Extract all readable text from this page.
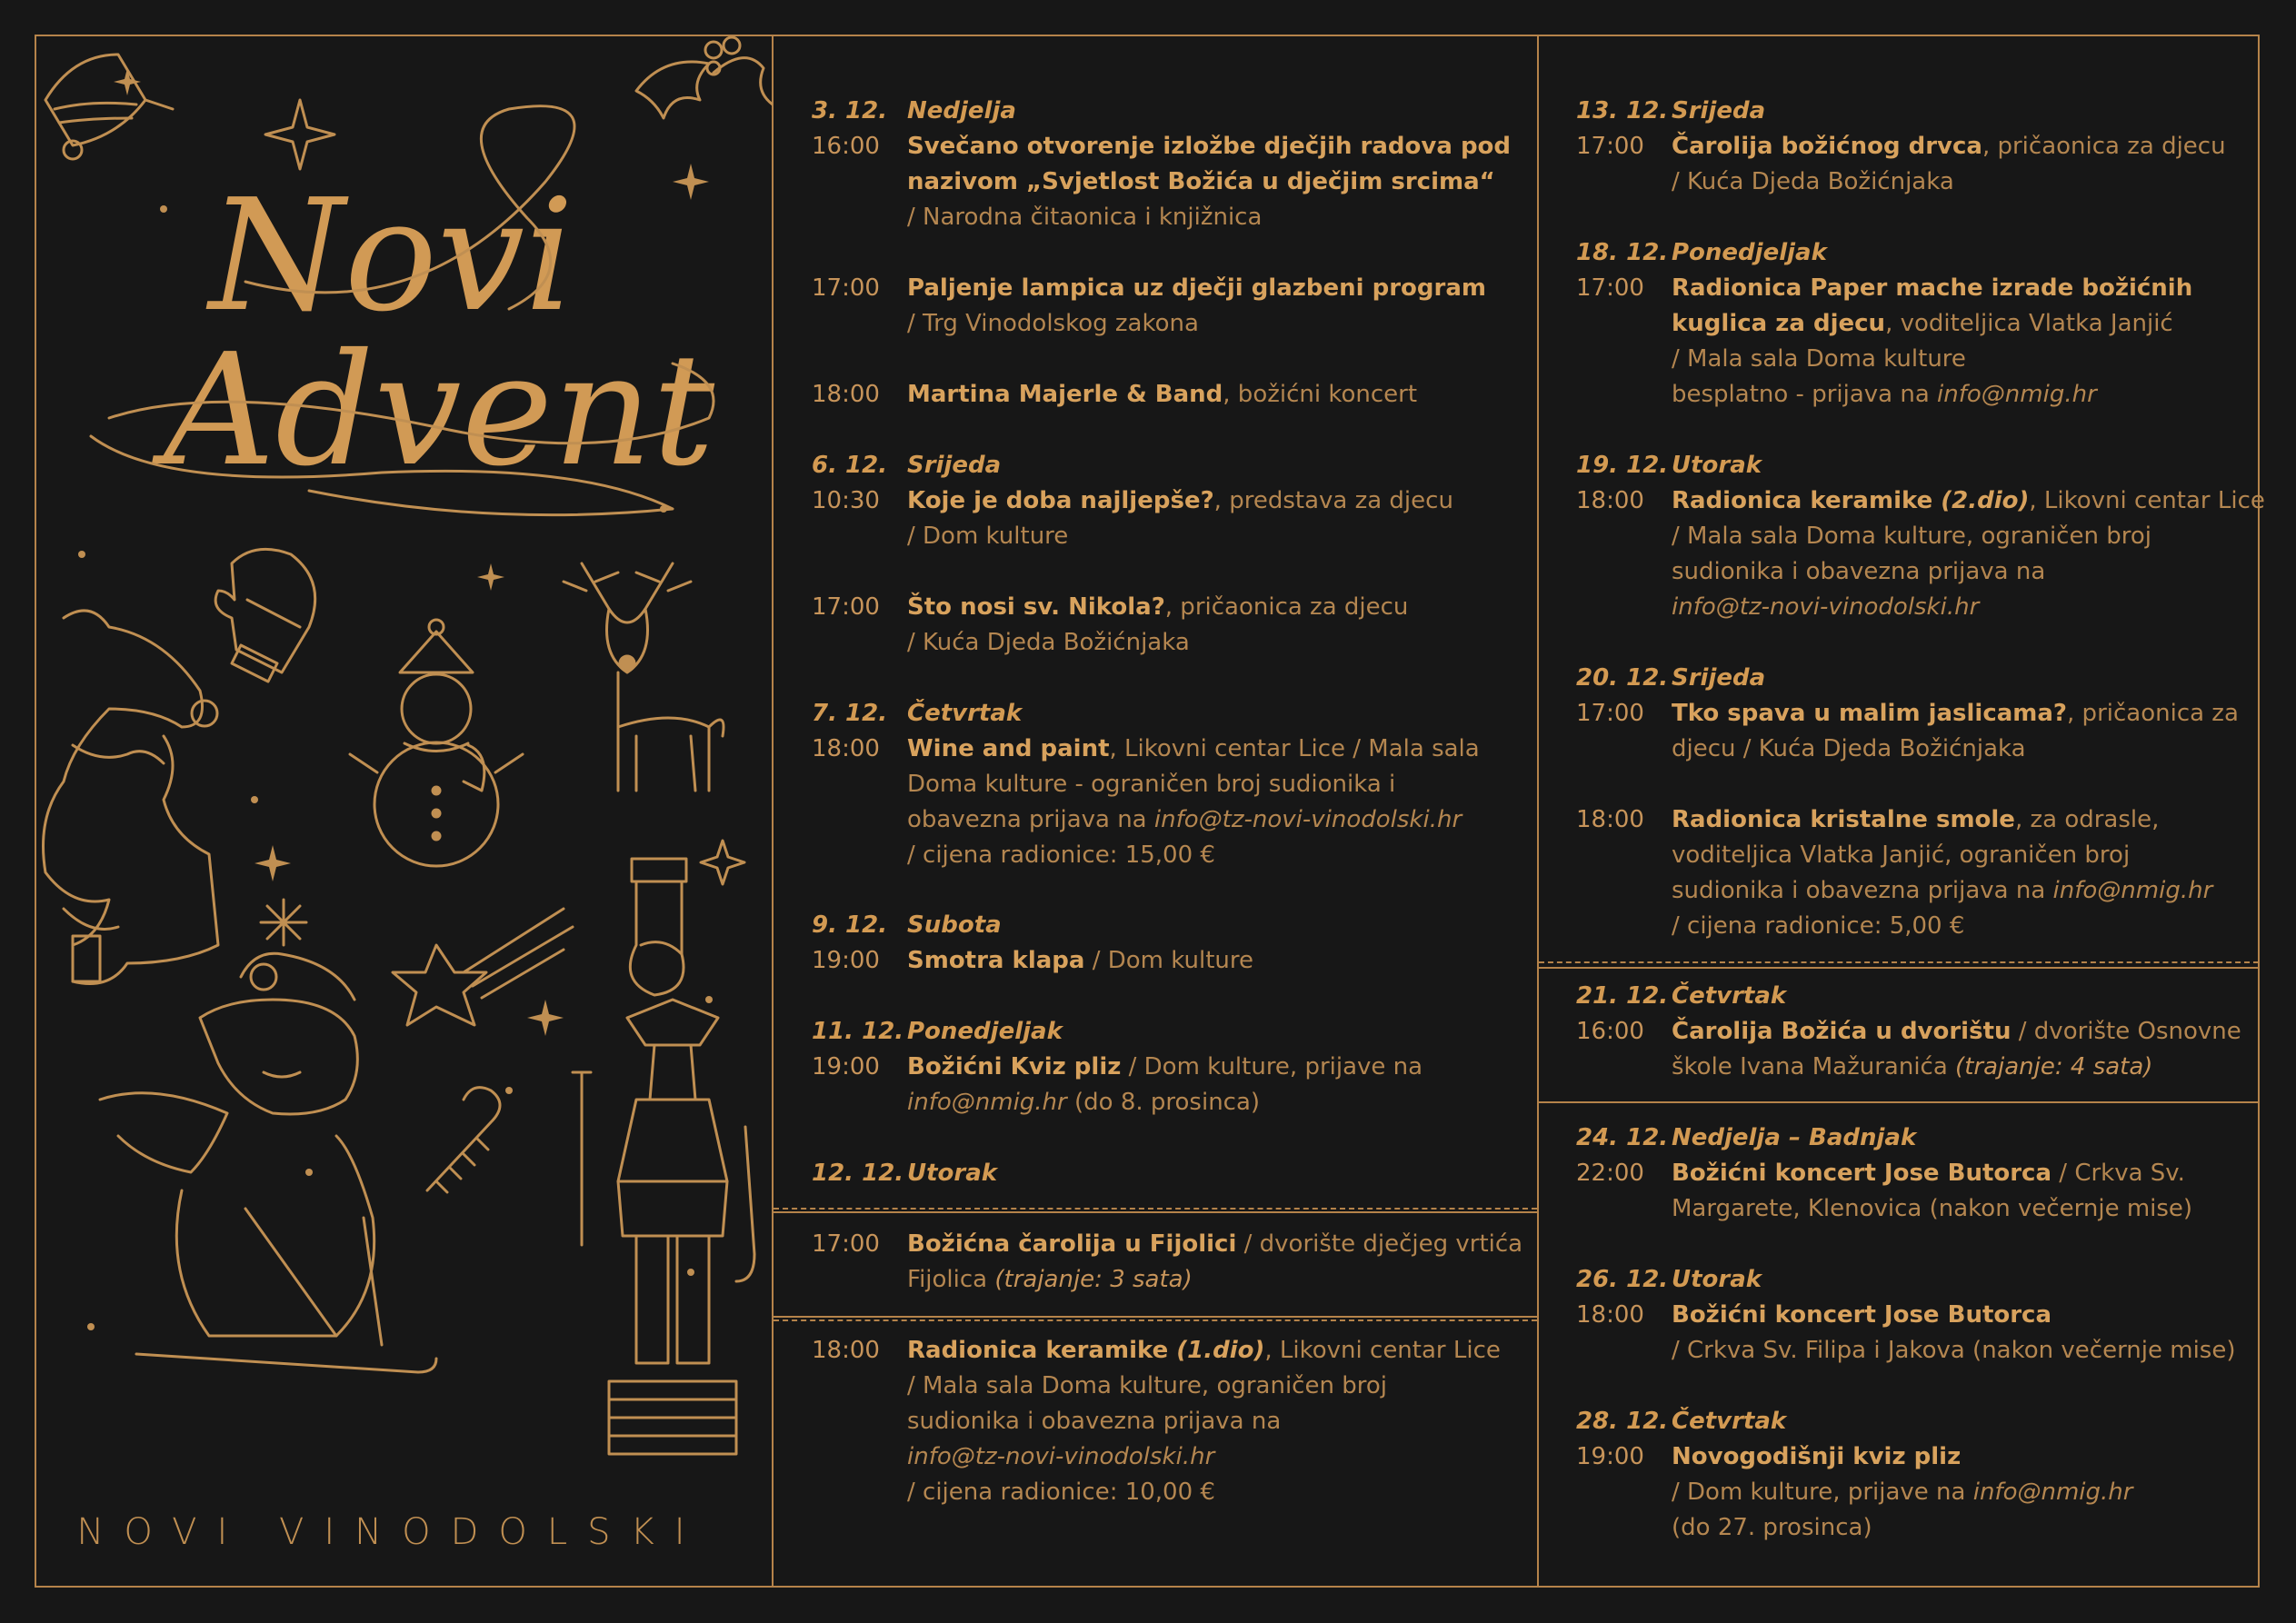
Novi
Advent
NOVI VINODOLSKI
3. 12. Nedjelja
16:00 Svečano otvorenje izložbe dječjih radova pod
nazivom „Svjetlost Božića u dječjim srcima“
/ Narodna čitaonica i knjižnica
17:00 Paljenje lampica uz dječji glazbeni program
/ Trg Vinodolskog zakona
18:00 Martina Majerle & Band, božićni koncert
6. 12. Srijeda
10:30 Koje je doba najljepše?, predstava za djecu
/ Dom kulture
17:00 Što nosi sv. Nikola?, pričaonica za djecu
/ Kuća Djeda Božićnjaka
7. 12. Četvrtak
18:00 Wine and paint, Likovni centar Lice / Mala sala
Doma kulture - ograničen broj sudionika i
obavezna prijava na info@tz-novi-vinodolski.hr
/ cijena radionice: 15,00 €
9. 12. Subota
19:00 Smotra klapa / Dom kulture
11. 12. Ponedjeljak
19:00 Božićni Kviz pliz / Dom kulture, prijave na
info@nmig.hr (do 8. prosinca)
12. 12. Utorak
17:00 Božićna čarolija u Fijolici / dvorište dječjeg vrtića
Fijolica (trajanje: 3 sata)
18:00 Radionica keramike (1.dio), Likovni centar Lice
/ Mala sala Doma kulture, ograničen broj
sudionika i obavezna prijava na
info@tz-novi-vinodolski.hr
/ cijena radionice: 10,00 €
13. 12. Srijeda
17:00 Čarolija božićnog drvca, pričaonica za djecu
/ Kuća Djeda Božićnjaka
18. 12. Ponedjeljak
17:00 Radionica Paper mache izrade božićnih
kuglica za djecu, voditeljica Vlatka Janjić
/ Mala sala Doma kulture
besplatno - prijava na info@nmig.hr
19. 12. Utorak
18:00 Radionica keramike (2.dio), Likovni centar Lice
/ Mala sala Doma kulture, ograničen broj
sudionika i obavezna prijava na
info@tz-novi-vinodolski.hr
20. 12. Srijeda
17:00 Tko spava u malim jaslicama?, pričaonica za
djecu / Kuća Djeda Božićnjaka
18:00 Radionica kristalne smole, za odrasle,
voditeljica Vlatka Janjić, ograničen broj
sudionika i obavezna prijava na info@nmig.hr
/ cijena radionice: 5,00 €
21. 12. Četvrtak
16:00 Čarolija Božića u dvorištu / dvorište Osnovne
škole Ivana Mažuranića (trajanje: 4 sata)
24. 12. Nedjelja – Badnjak
22:00 Božićni koncert Jose Butorca / Crkva Sv.
Margarete, Klenovica (nakon večernje mise)
26. 12. Utorak
18:00 Božićni koncert Jose Butorca
/ Crkva Sv. Filipa i Jakova (nakon večernje mise)
28. 12. Četvrtak
19:00 Novogodišnji kviz pliz
/ Dom kulture, prijave na info@nmig.hr
(do 27. prosinca)
